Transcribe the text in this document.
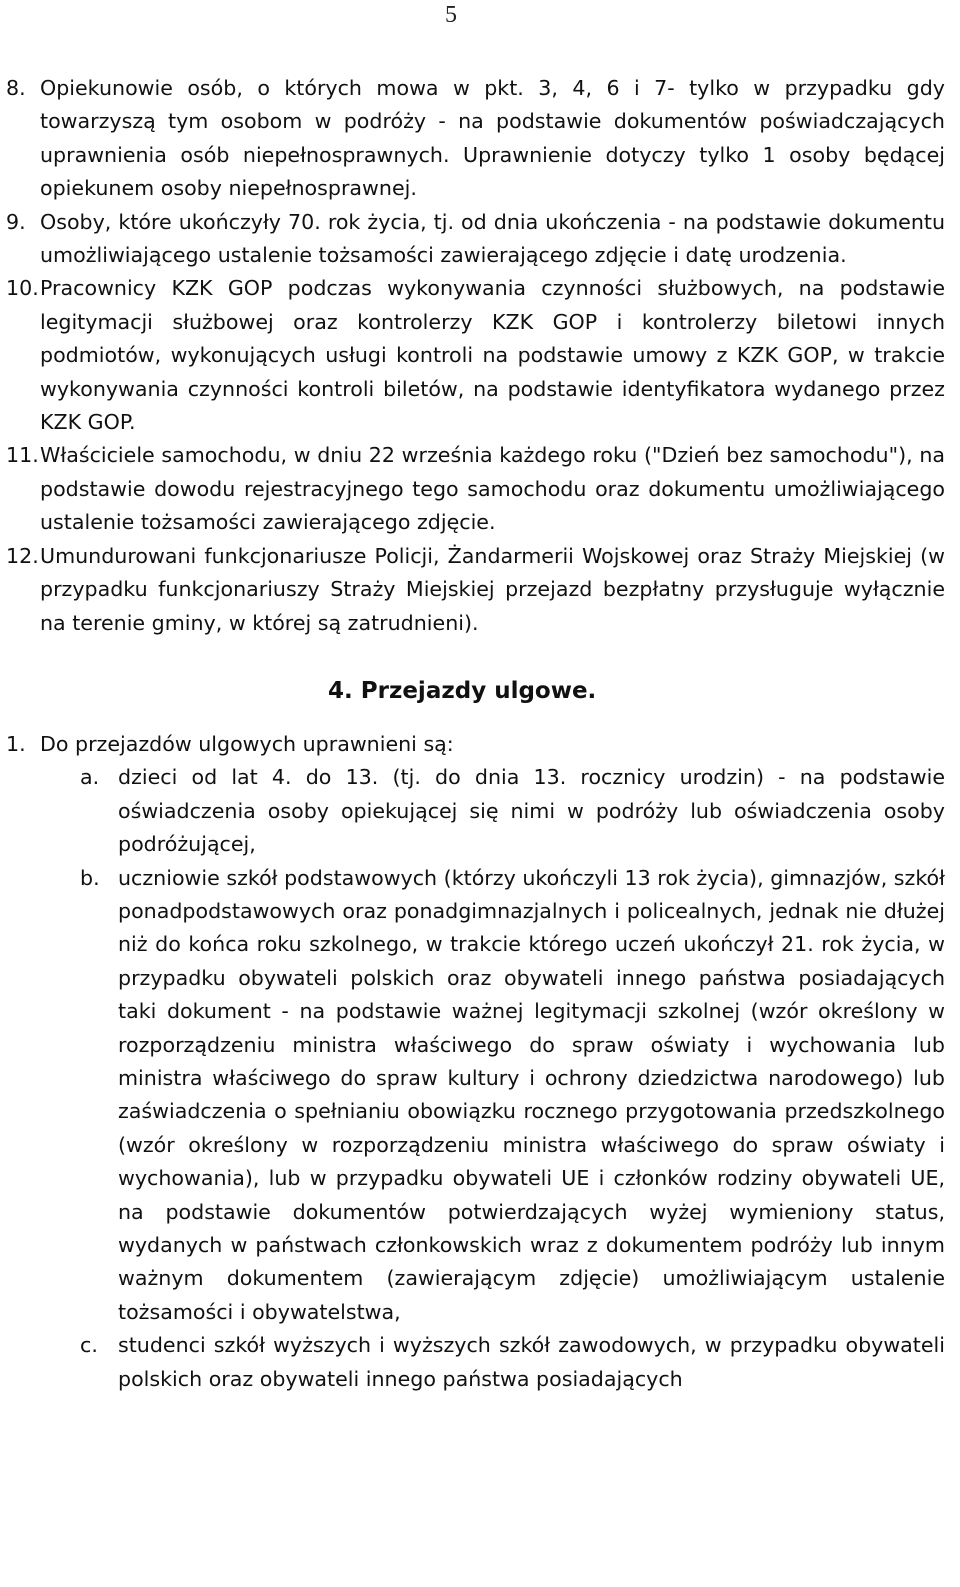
5
8. Opiekunowie osób, o których mowa w pkt. 3, 4, 6 i 7- tylko w przypadku gdy towarzyszą tym osobom w podróży - na podstawie dokumentów poświadczających uprawnienia osób niepełnosprawnych. Uprawnienie dotyczy tylko 1 osoby będącej opiekunem osoby niepełnosprawnej.
9. Osoby, które ukończyły 70. rok życia, tj. od dnia ukończenia - na podstawie dokumentu umożliwiającego ustalenie tożsamości zawierającego zdjęcie i datę urodzenia.
10. Pracownicy KZK GOP podczas wykonywania czynności służbowych, na podstawie legitymacji służbowej oraz kontrolerzy KZK GOP i kontrolerzy biletowi innych podmiotów, wykonujących usługi kontroli na podstawie umowy z KZK GOP, w trakcie wykonywania czynności kontroli biletów, na podstawie identyfikatora wydanego przez KZK GOP.
11. Właściciele samochodu, w dniu 22 września każdego roku ("Dzień bez samochodu"), na podstawie dowodu rejestracyjnego tego samochodu oraz dokumentu umożliwiającego ustalenie tożsamości zawierającego zdjęcie.
12. Umundurowani funkcjonariusze Policji, Żandarmerii Wojskowej oraz Straży Miejskiej (w przypadku funkcjonariuszy Straży Miejskiej przejazd bezpłatny przysługuje wyłącznie na terenie gminy, w której są zatrudnieni).
4. Przejazdy ulgowe.
1. Do przejazdów ulgowych uprawnieni są:
a. dzieci od lat 4. do 13. (tj. do dnia 13. rocznicy urodzin) - na podstawie oświadczenia osoby opiekującej się nimi w podróży lub oświadczenia osoby podróżującej,
b. uczniowie szkół podstawowych (którzy ukończyli 13 rok życia), gimnazjów, szkół ponadpodstawowych oraz ponadgimnazjalnych i policealnych, jednak nie dłużej niż do końca roku szkolnego, w trakcie którego uczeń ukończył 21. rok życia, w przypadku obywateli polskich oraz obywateli innego państwa posiadających taki dokument - na podstawie ważnej legitymacji szkolnej (wzór określony w rozporządzeniu ministra właściwego do spraw oświaty i wychowania lub ministra właściwego do spraw kultury i ochrony dziedzictwa narodowego) lub zaświadczenia o spełnianiu obowiązku rocznego przygotowania przedszkolnego (wzór określony w rozporządzeniu ministra właściwego do spraw oświaty i wychowania), lub w przypadku obywateli UE i członków rodziny obywateli UE, na podstawie dokumentów potwierdzających wyżej wymieniony status, wydanych w państwach członkowskich wraz z dokumentem podróży lub innym ważnym dokumentem (zawierającym zdjęcie) umożliwiającym ustalenie tożsamości i obywatelstwa,
c. studenci szkół wyższych i wyższych szkół zawodowych, w przypadku obywateli polskich oraz obywateli innego państwa posiadających
